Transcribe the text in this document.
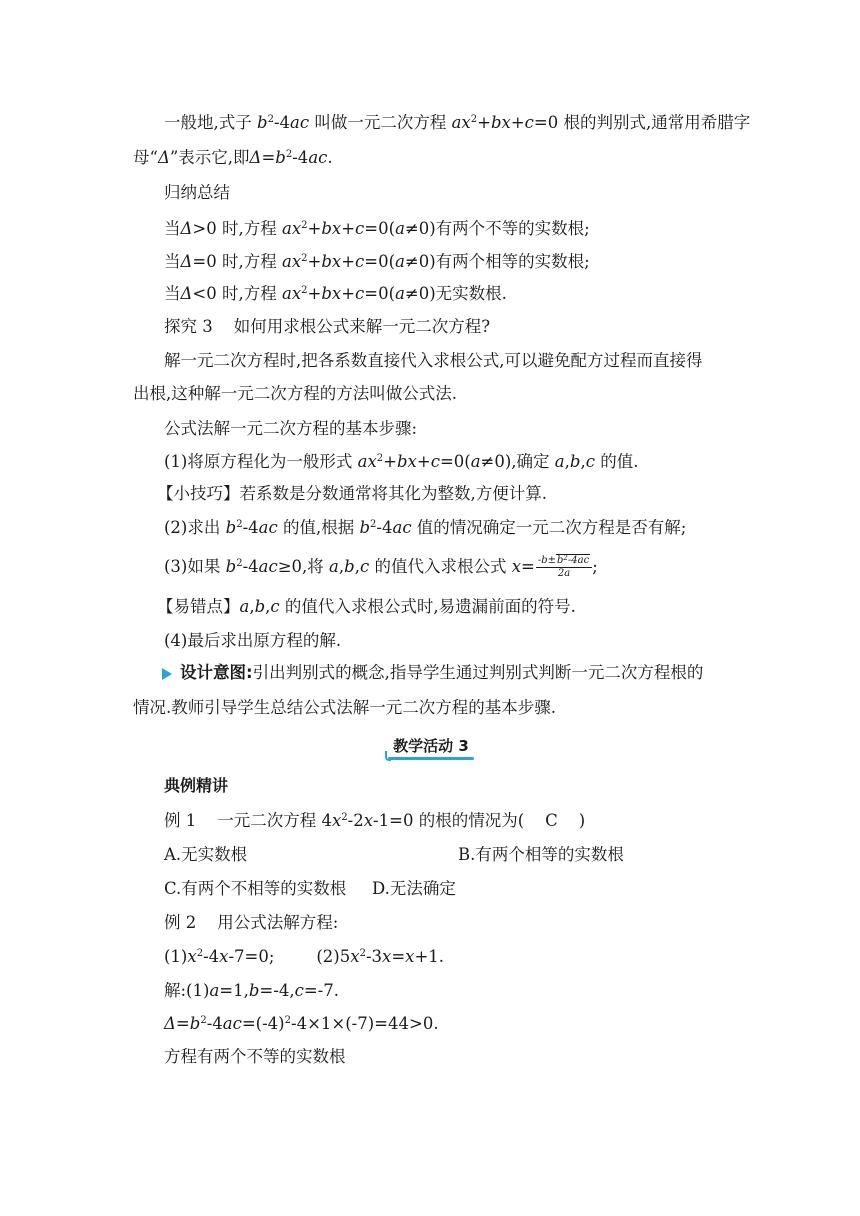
一般地,式子 $b^2-4ac$ 叫做一元二次方程 $ax^2+bx+c=0$ 根的判别式,通常用希腊字
母“Δ”表示它,即$\Delta=b^2-4ac$.
归纳总结
当Δ>0 时,方程 $ax^2+bx+c=0(a\ne 0)$有两个不等的实数根;
当Δ=0 时,方程 $ax^2+bx+c=0(a\ne 0)$有两个相等的实数根;
当Δ<0 时,方程 $ax^2+bx+c=0(a\ne 0)$无实数根.
探究 3    如何用求根公式来解一元二次方程?
解一元二次方程时,把各系数直接代入求根公式,可以避免配方过程而直接得
出根,这种解一元二次方程的方法叫做公式法.
公式法解一元二次方程的基本步骤:
(1)将原方程化为一般形式 $ax^2+bx+c=0(a\ne 0)$,确定 a,b,c 的值.
【小技巧】若系数是分数通常将其化为整数,方便计算.
(2)求出 $b^2-4ac$ 的值,根据 $b^2-4ac$ 值的情况确定一元二次方程是否有解;
(3)如果 $b^2-4ac\ge 0$,将 a,b,c 的值代入求根公式 $x= \frac{-b\pm b^2-4ac}{2a}$ ;
【易错点】a,b,c 的值代入求根公式时,易遗漏前面的符号.
(4)最后求出原方程的解.
设计意图:引出判别式的概念,指导学生通过判别式判断一元二次方程根的
情况.教师引导学生总结公式法解一元二次方程的基本步骤.
教学活动 3
典例精讲
例 1    一元二次方程 $4x^2-2x-1=0$ 的根的情况为(    C    )
A.无实数根	B.有两个相等的实数根
C.有两个不相等的实数根 D.无法确定
例 2    用公式法解方程:
$(1)x^2-4x-7=0$;        $(2)5x^2-3x=x+1$.
解:(1)a=1,b=-4,c=-7.
$\Delta=b^2-4ac=(-4)^2-4\times 1\times(-7)=44>0$.
方程有两个不等的实数根
